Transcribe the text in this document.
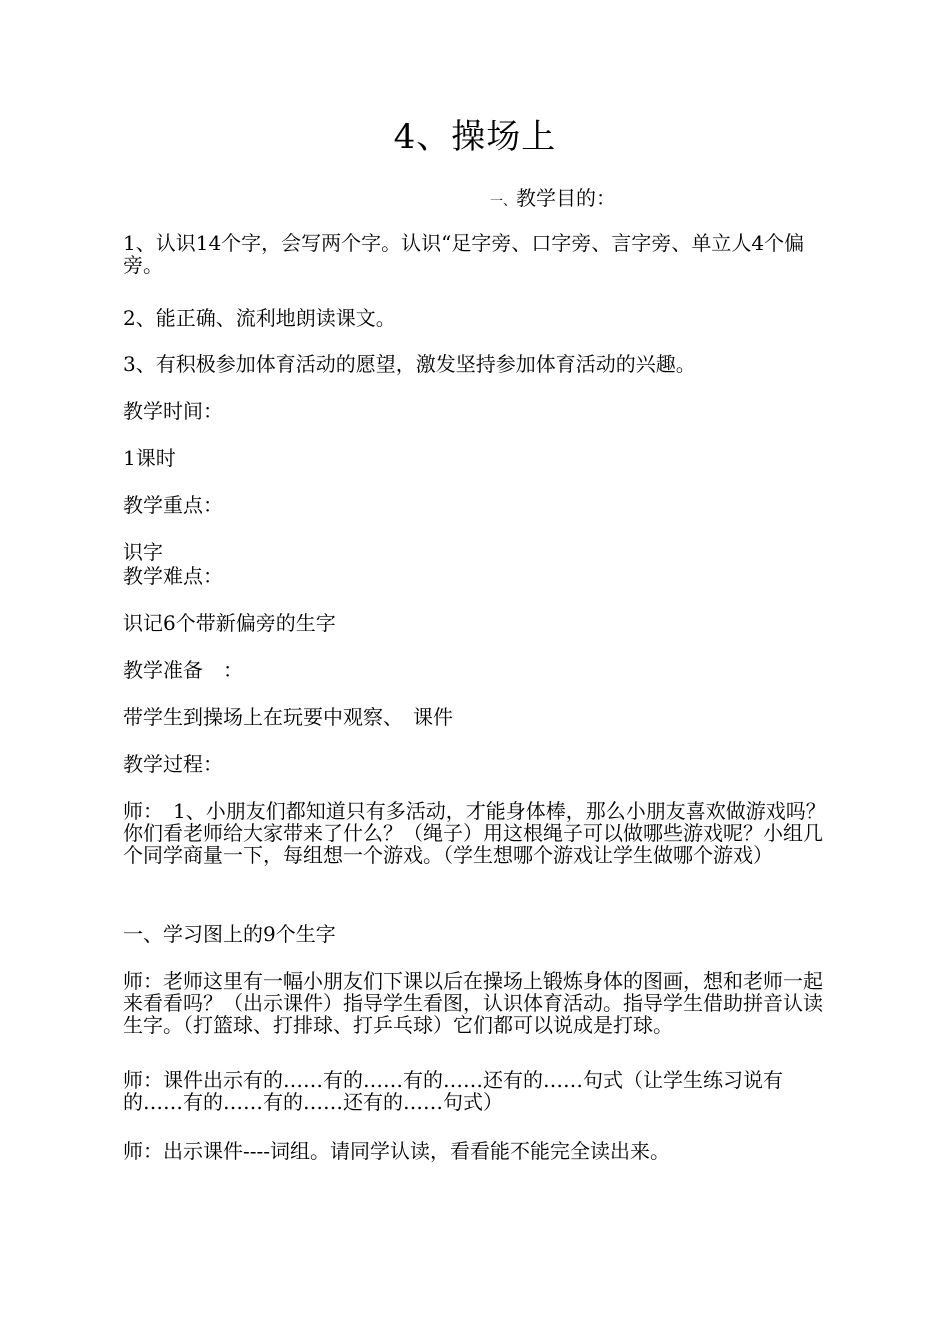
4、操场上
一、教学目的：
1、认识14个字，会写两个字。认识“足字旁、口字旁、言字旁、单立人4个偏旁。
2、能正确、流利地朗读课文。
3、有积极参加体育活动的愿望，激发坚持参加体育活动的兴趣。
教学时间：
1课时
教学重点：
识字
教学难点：
识记6个带新偏旁的生字
教学准备　：
带学生到操场上在玩要中观察、　课件
教学过程：
师：　1、小朋友们都知道只有多活动，才能身体棒，那么小朋友喜欢做游戏吗？你们看老师给大家带来了什么？（绳子）用这根绳子可以做哪些游戏呢？小组几个同学商量一下，每组想一个游戏。（学生想哪个游戏让学生做哪个游戏）
一、学习图上的9个生字
师：老师这里有一幅小朋友们下课以后在操场上锻炼身体的图画，想和老师一起来看看吗？（出示课件）指导学生看图，认识体育活动。指导学生借助拼音认读生字。（打篮球、打排球、打乒乓球）它们都可以说成是打球。
师：课件出示有的……有的……有的……还有的……句式（让学生练习说有的……有的……有的……还有的……句式）
师：出示课件----词组。请同学认读，看看能不能完全读出来。
